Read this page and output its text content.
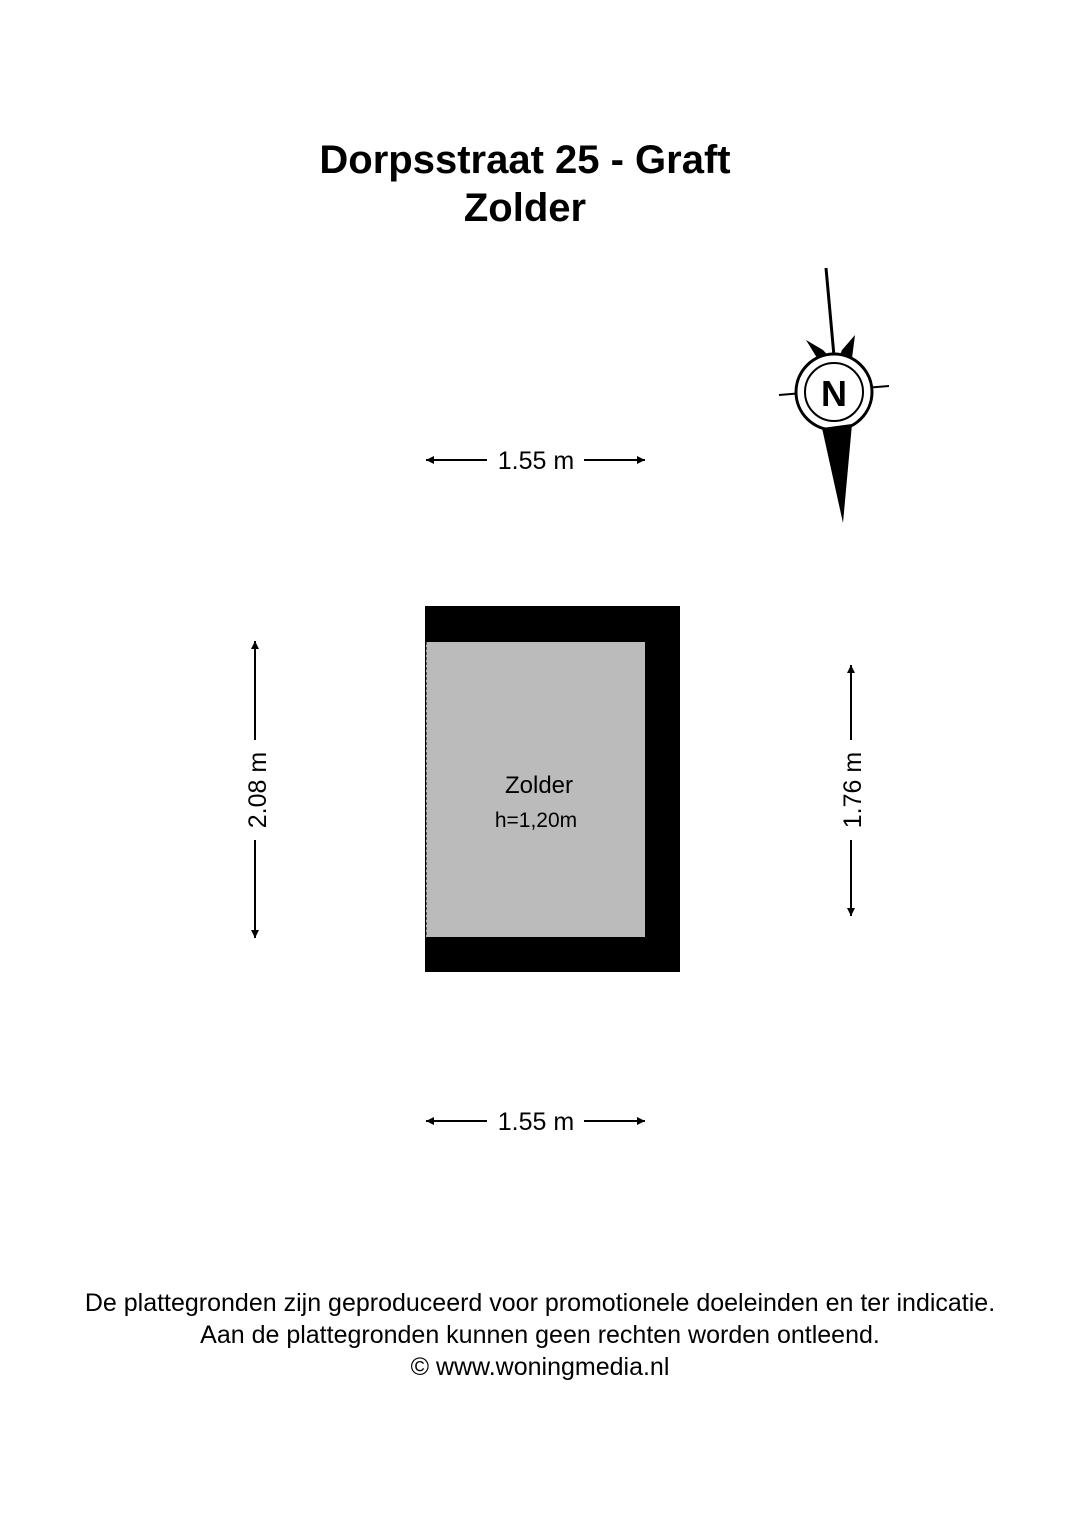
Dorpsstraat 25 - Graft
Zolder
N
1.55 m
Zolder
h=1,20m
2.08 m	1.76 m
1.55 m
De plattegronden zijn geproduceerd voor promotionele doeleinden en ter indicatie.
Aan de plattegronden kunnen geen rechten worden ontleend.
© www.woningmedia.nl
